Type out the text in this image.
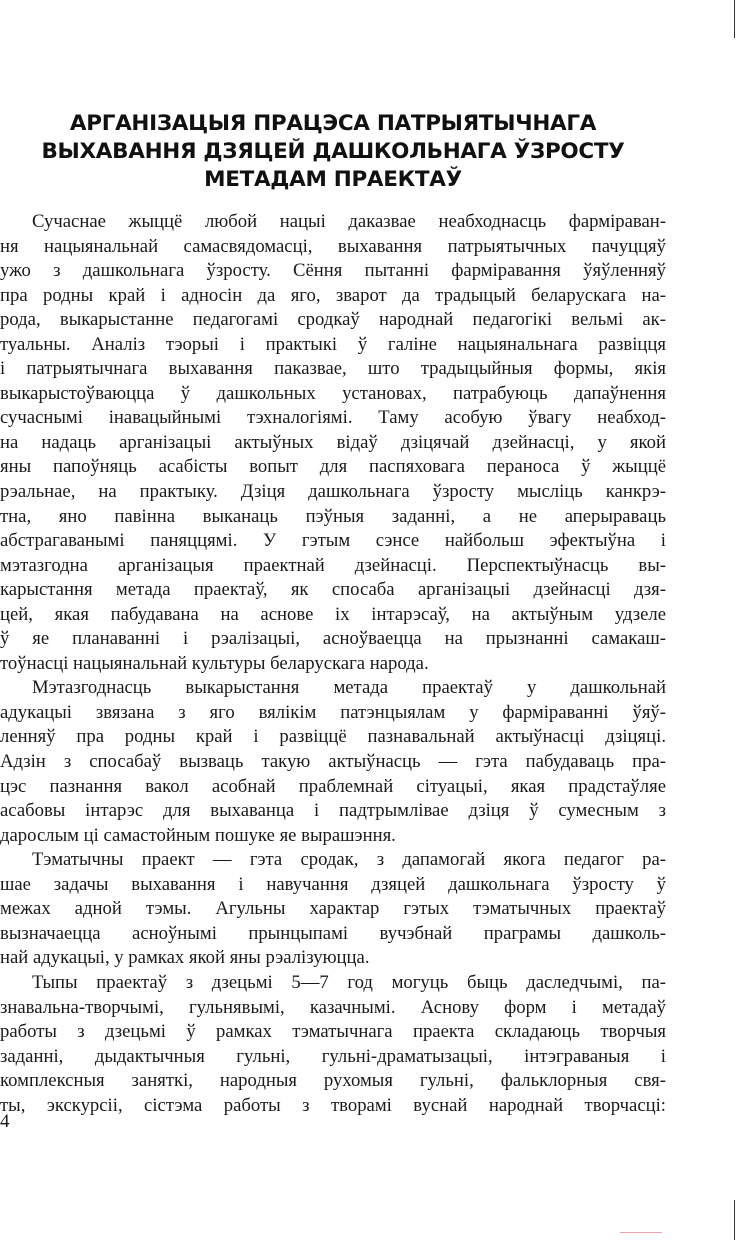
АРГАНІЗАЦЫЯ ПРАЦЭСА ПАТРЫЯТЫЧНАГА
ВЫХАВАННЯ ДЗЯЦЕЙ ДАШКОЛЬНАГА ЎЗРОСТУ
МЕТАДАМ ПРАЕКТАЎ

Сучаснае жыццё любой нацыі даказвае неабходнасць фарміраван-
ня нацыянальнай самасвядомасці, выхавання патрыятычных пачуццяў
ужо з дашкольнага ўзросту. Сёння пытанні фарміравання ўяўленняў
пра родны край і адносін да яго, зварот да традыцый беларускага на-
рода, выкарыстанне педагогамі сродкаў народнай педагогікі вельмі ак-
туальны. Аналіз тэорыі і практыкі ў галіне нацыянальнага развіцця
і патрыятычнага выхавання паказвае, што традыцыйныя формы, якія
выкарыстоўваюцца ў дашкольных установах, патрабуюць дапаўнення
сучаснымі інавацыйнымі тэхналогіямі. Таму асобую ўвагу неабход-
на надаць арганізацыі актыўных відаў дзіцячай дзейнасці, у якой
яны папоўняць асабісты вопыт для паспяховага пераноса ў жыццё
рэальнае, на практыку. Дзіця дашкольнага ўзросту мысліць канкрэ-
тна, яно павінна выканаць пэўныя заданні, а не аперыраваць
абстрагаванымі паняццямі. У гэтым сэнсе найбольш эфектыўна і
мэтазгодна арганізацыя праектнай дзейнасці. Перспектыўнасць вы-
карыстання метада праектаў, як спосаба арганізацыі дзейнасці дзя-
цей, якая пабудавана на аснове іх інтарэсаў, на актыўным удзеле
ў яе планаванні і рэалізацыі, асноўваецца на прызнанні самакаш-
тоўнасці нацыянальнай культуры беларускага народа.

Мэтазгоднасць выкарыстання метада праектаў у дашкольнай
адукацыі звязана з яго вялікім патэнцыялам у фарміраванні ўяў-
ленняў пра родны край і развіццё пазнавальнай актыўнасці дзіцяці.
Адзін з спосабаў вызваць такую актыўнасць — гэта пабудаваць пра-
цэс пазнання вакол асобнай праблемнай сітуацыі, якая прадстаўляе
асабовы інтарэс для выхаванца і падтрымлівае дзіця ў сумесным з
дарослым ці самастойным пошуке яе вырашэння.

Тэматычны праект — гэта сродак, з дапамогай якога педагог ра-
шае задачы выхавання і навучання дзяцей дашкольнага ўзросту ў
межах адной тэмы. Агульны характар гэтых тэматычных праектаў
вызначаецца асноўнымі прынцыпамі вучэбнай праграмы дашколь-
най адукацыі, у рамках якой яны рэалізуюцца.

Тыпы праектаў з дзецьмі 5—7 год могуць быць даследчымі, па-
знавальна-творчымі, гульнявымі, казачнымі. Аснову форм і метадаў
работы з дзецьмі ў рамках тэматычнага праекта складаюць творчыя
заданні, дыдактычныя гульні, гульні-драматызацыі, інтэграваныя і
комплексныя заняткі, народныя рухомыя гульні, фальклорныя свя-
ты, экскурсіі, сістэма работы з творамі вуснай народнай творчасці:

4
